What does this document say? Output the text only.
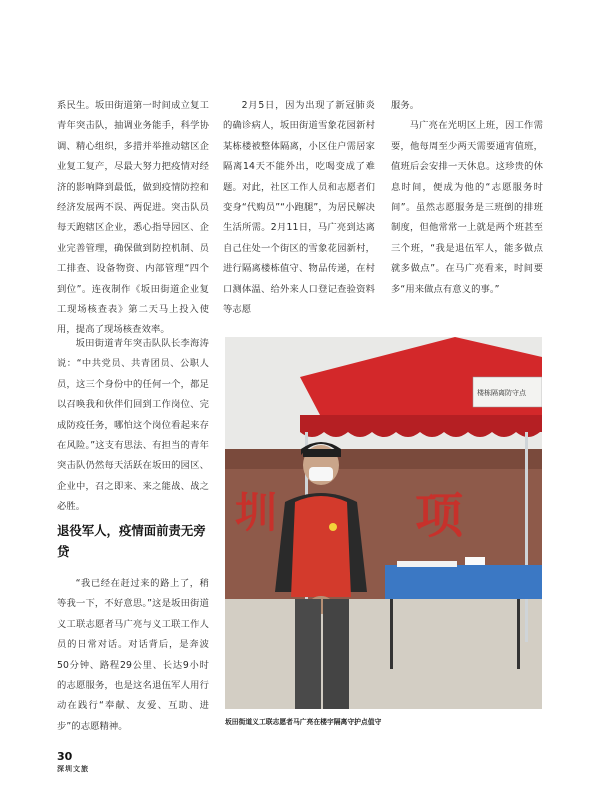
系民生。坂田街道第一时间成立复工青年突击队，抽调业务能手，科学协调、精心组织，多措并举推动辖区企业复工复产，尽最大努力把疫情对经济的影响降到最低，做到疫情防控和经济发展两不误、两促进。突击队员每天跑辖区企业，悉心指导园区、企业完善管理，确保做到防控机制、员工排查、设备物资、内部管理“四个到位”。连夜制作《坂田街道企业复工现场核查表》第二天马上投入使用，提高了现场核查效率。

坂田街道青年突击队队长李海涛说：“中共党员、共青团员、公职人员，这三个身份中的任何一个，都足以召唤我和伙伴们回到工作岗位、完成防疫任务，哪怕这个岗位看起来存在风险。”这支有思法、有担当的青年突击队仍然每天活跃在坂田的园区、企业中，召之即来、来之能战、战之必胜。

退役军人，疫情面前责无旁贷

“我已经在赶过来的路上了，稍等我一下，不好意思。”这是坂田街道义工联志愿者马广亮与义工联工作人员的日常对话。对话背后，是奔波50分钟、路程29公里、长达9小时的志愿服务，也是这名退伍军人用行动在践行“奉献、友爱、互助、进步”的志愿精神。

2月5日，因为出现了新冠肺炎的确诊病人，坂田街道雪象花园新村某栋楼被整体隔离，小区住户需居家隔离14天不能外出，吃喝变成了难题。对此，社区工作人员和志愿者们变身“代购员”“小跑腿”，为居民解决生活所需。2月11日，马广亮到达离自己住处一个街区的雪象花园新村，进行隔离楼栋值守、物品传递，在村口测体温、给外来人口登记查验资料等志愿

服务。

马广亮在光明区上班，因工作需要，他每周至少两天需要通宵值班，值班后会安排一天休息。这珍贵的休息时间，便成为他的“志愿服务时间”。虽然志愿服务是三班倒的排班制度，但他常常一上就是两个班甚至三个班，“我是退伍军人，能多做点就多做点”。在马广亮看来，时间要多“用来做点有意义的事。”

圳	项
楼栋隔离防守点
坂田街道义工联志愿者马广亮在楼宇隔离守护点值守
30
深圳文旅
